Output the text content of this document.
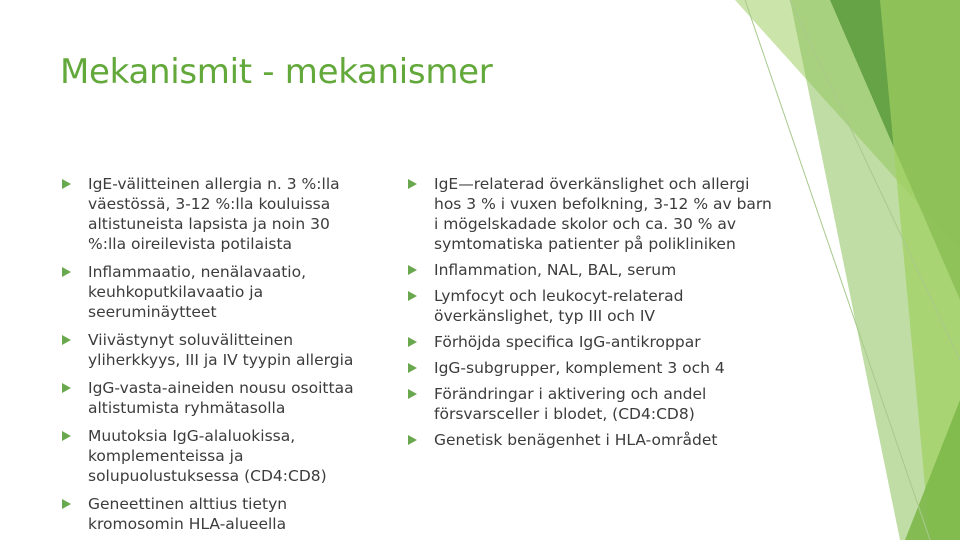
Mekanismit - mekanismer
IgE-välitteinen allergia n. 3 %:lla väestössä, 3-12 %:lla kouluissa altistuneista lapsista ja noin 30 %:lla oireilevista potilaista
Inflammaatio, nenälavaatio, keuhkoputkilavaatio ja seeruminäytteet
Viivästynyt soluvälitteinen yliherkkyys, III ja IV tyypin allergia
IgG-vasta-aineiden nousu osoittaa altistumista ryhmätasolla
Muutoksia IgG-alaluokissa, komplementeissa ja solupuolustuksessa (CD4:CD8)
Geneettinen alttius tietyn kromosomin HLA-alueella
IgE—relaterad överkänslighet och allergi hos 3 % i vuxen befolkning, 3-12 % av barn i mögelskadade skolor och ca. 30 % av symtomatiska patienter på polikliniken
Inflammation, NAL, BAL, serum
Lymfocyt och leukocyt-relaterad överkänslighet, typ III och IV
Förhöjda specifica IgG-antikroppar
IgG-subgrupper, komplement 3 och 4
Förändringar i aktivering och andel försvarsceller i blodet, (CD4:CD8)
Genetisk benägenhet i HLA-området
